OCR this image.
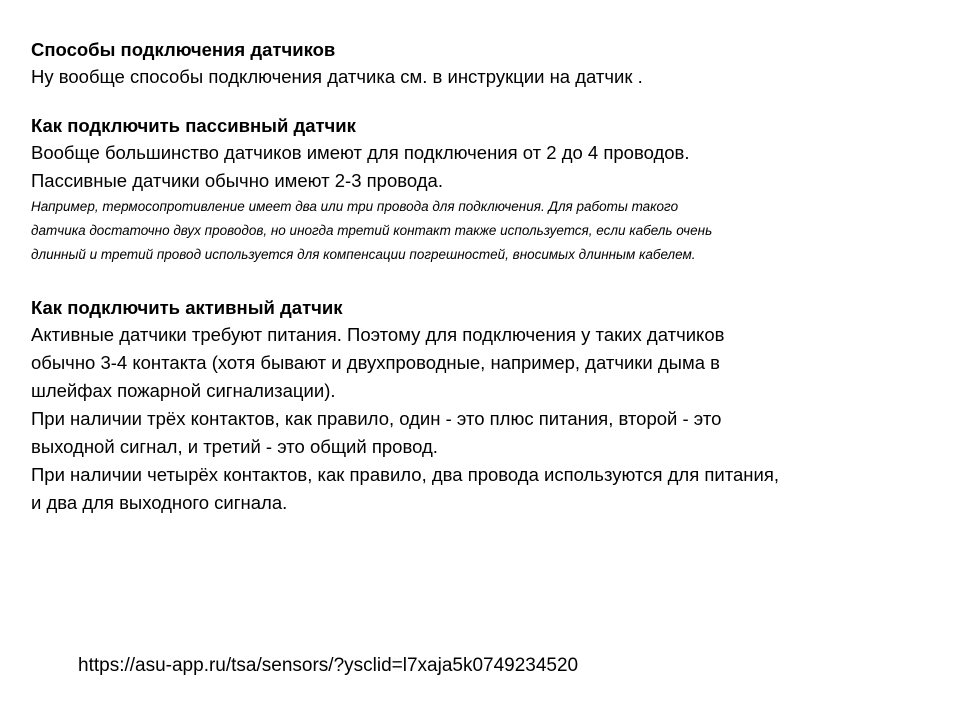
Способы подключения датчиков

Ну вообще способы подключения датчика см. в инструкции на датчик .

Как подключить пассивный датчик

Вообще большинство датчиков имеют для подключения от 2 до 4 проводов.

Пассивные датчики обычно имеют 2-3 провода.

Например, термосопротивление имеет два или три провода для подключения. Для работы такого

датчика достаточно двух проводов, но иногда третий контакт также используется, если кабель очень

длинный и третий провод используется для компенсации погрешностей, вносимых длинным кабелем.

Как подключить активный датчик

Активные датчики требуют питания. Поэтому для подключения у таких датчиков

обычно 3-4 контакта (хотя бывают и двухпроводные, например, датчики дыма в

шлейфах пожарной сигнализации).

При наличии трёх контактов, как правило, один - это плюс питания, второй - это

выходной сигнал, и третий - это общий провод.

При наличии четырёх контактов, как правило, два провода используются для питания,

и два для выходного сигнала.

https://asu-app.ru/tsa/sensors/?ysclid=l7xaja5k0749234520
